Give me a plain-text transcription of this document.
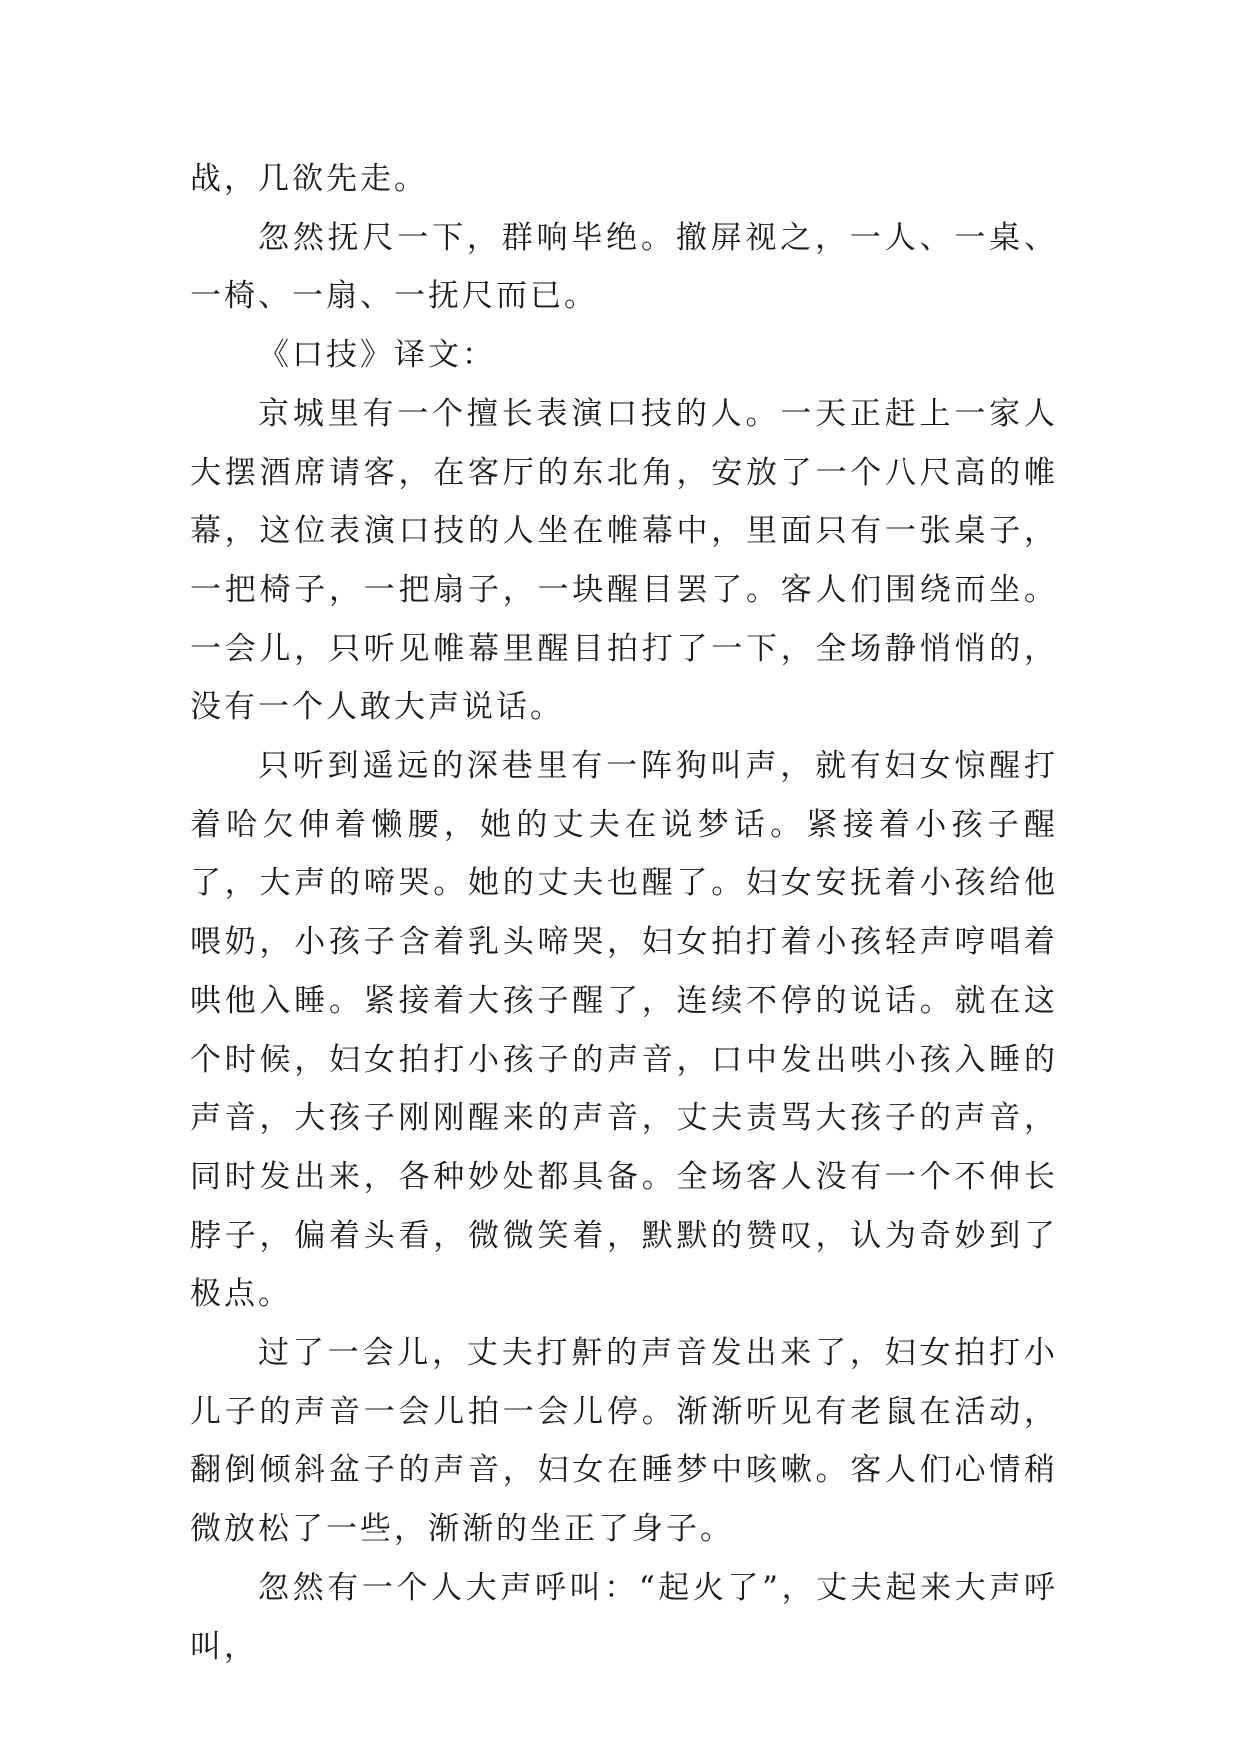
战，几欲先走。

忽然抚尺一下，群响毕绝。撤屏视之，一人、一桌、一椅、一扇、一抚尺而已。

《口技》译文：

京城里有一个擅长表演口技的人。一天正赶上一家人大摆酒席请客，在客厅的东北角，安放了一个八尺高的帷幕，这位表演口技的人坐在帷幕中，里面只有一张桌子，一把椅子，一把扇子，一块醒目罢了。客人们围绕而坐。一会儿，只听见帷幕里醒目拍打了一下，全场静悄悄的，没有一个人敢大声说话。

只听到遥远的深巷里有一阵狗叫声，就有妇女惊醒打着哈欠伸着懒腰，她的丈夫在说梦话。紧接着小孩子醒了，大声的啼哭。她的丈夫也醒了。妇女安抚着小孩给他喂奶，小孩子含着乳头啼哭，妇女拍打着小孩轻声哼唱着哄他入睡。紧接着大孩子醒了，连续不停的说话。就在这个时候，妇女拍打小孩子的声音，口中发出哄小孩入睡的声音，大孩子刚刚醒来的声音，丈夫责骂大孩子的声音，同时发出来，各种妙处都具备。全场客人没有一个不伸长脖子，偏着头看，微微笑着，默默的赞叹，认为奇妙到了极点。

过了一会儿，丈夫打鼾的声音发出来了，妇女拍打小儿子的声音一会儿拍一会儿停。渐渐听见有老鼠在活动，翻倒倾斜盆子的声音，妇女在睡梦中咳嗽。客人们心情稍微放松了一些，渐渐的坐正了身子。

忽然有一个人大声呼叫：“起火了”，丈夫起来大声呼叫，
